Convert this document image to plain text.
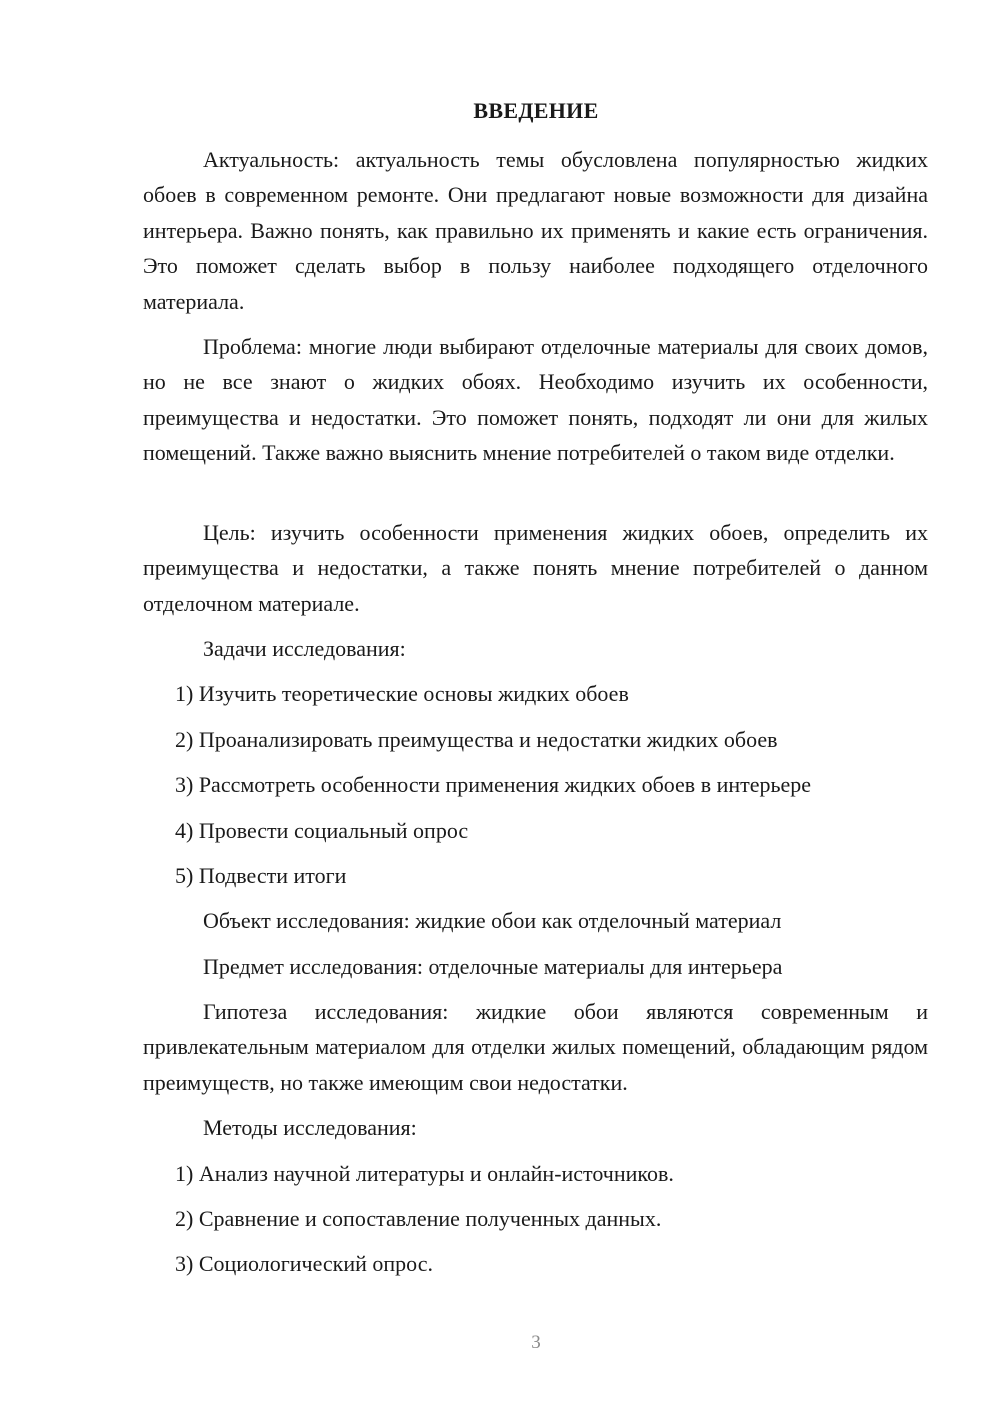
ВВЕДЕНИЕ

Актуальность: актуальность темы обусловлена популярностью жидких обоев в современном ремонте. Они предлагают новые возможности для дизайна интерьера. Важно понять, как правильно их применять и какие есть ограничения. Это поможет сделать выбор в пользу наиболее подходящего отделочного материала.

Проблема: многие люди выбирают отделочные материалы для своих домов, но не все знают о жидких обоях. Необходимо изучить их особенности, преимущества и недостатки. Это поможет понять, подходят ли они для жилых помещений. Также важно выяснить мнение потребителей о таком виде отделки.

Цель: изучить особенности применения жидких обоев, определить их преимущества и недостатки, а также понять мнение потребителей о данном отделочном материале.

Задачи исследования:

1) Изучить теоретические основы жидких обоев

2) Проанализировать преимущества и недостатки жидких обоев

3) Рассмотреть особенности применения жидких обоев в интерьере

4) Провести социальный опрос

5) Подвести итоги

Объект исследования: жидкие обои как отделочный материал

Предмет исследования: отделочные материалы для интерьера

Гипотеза исследования: жидкие обои являются современным и привлекательным материалом для отделки жилых помещений, обладающим рядом преимуществ, но также имеющим свои недостатки.

Методы исследования:

1) Анализ научной литературы и онлайн-источников.

2) Сравнение и сопоставление полученных данных.

3) Социологический опрос.

3
